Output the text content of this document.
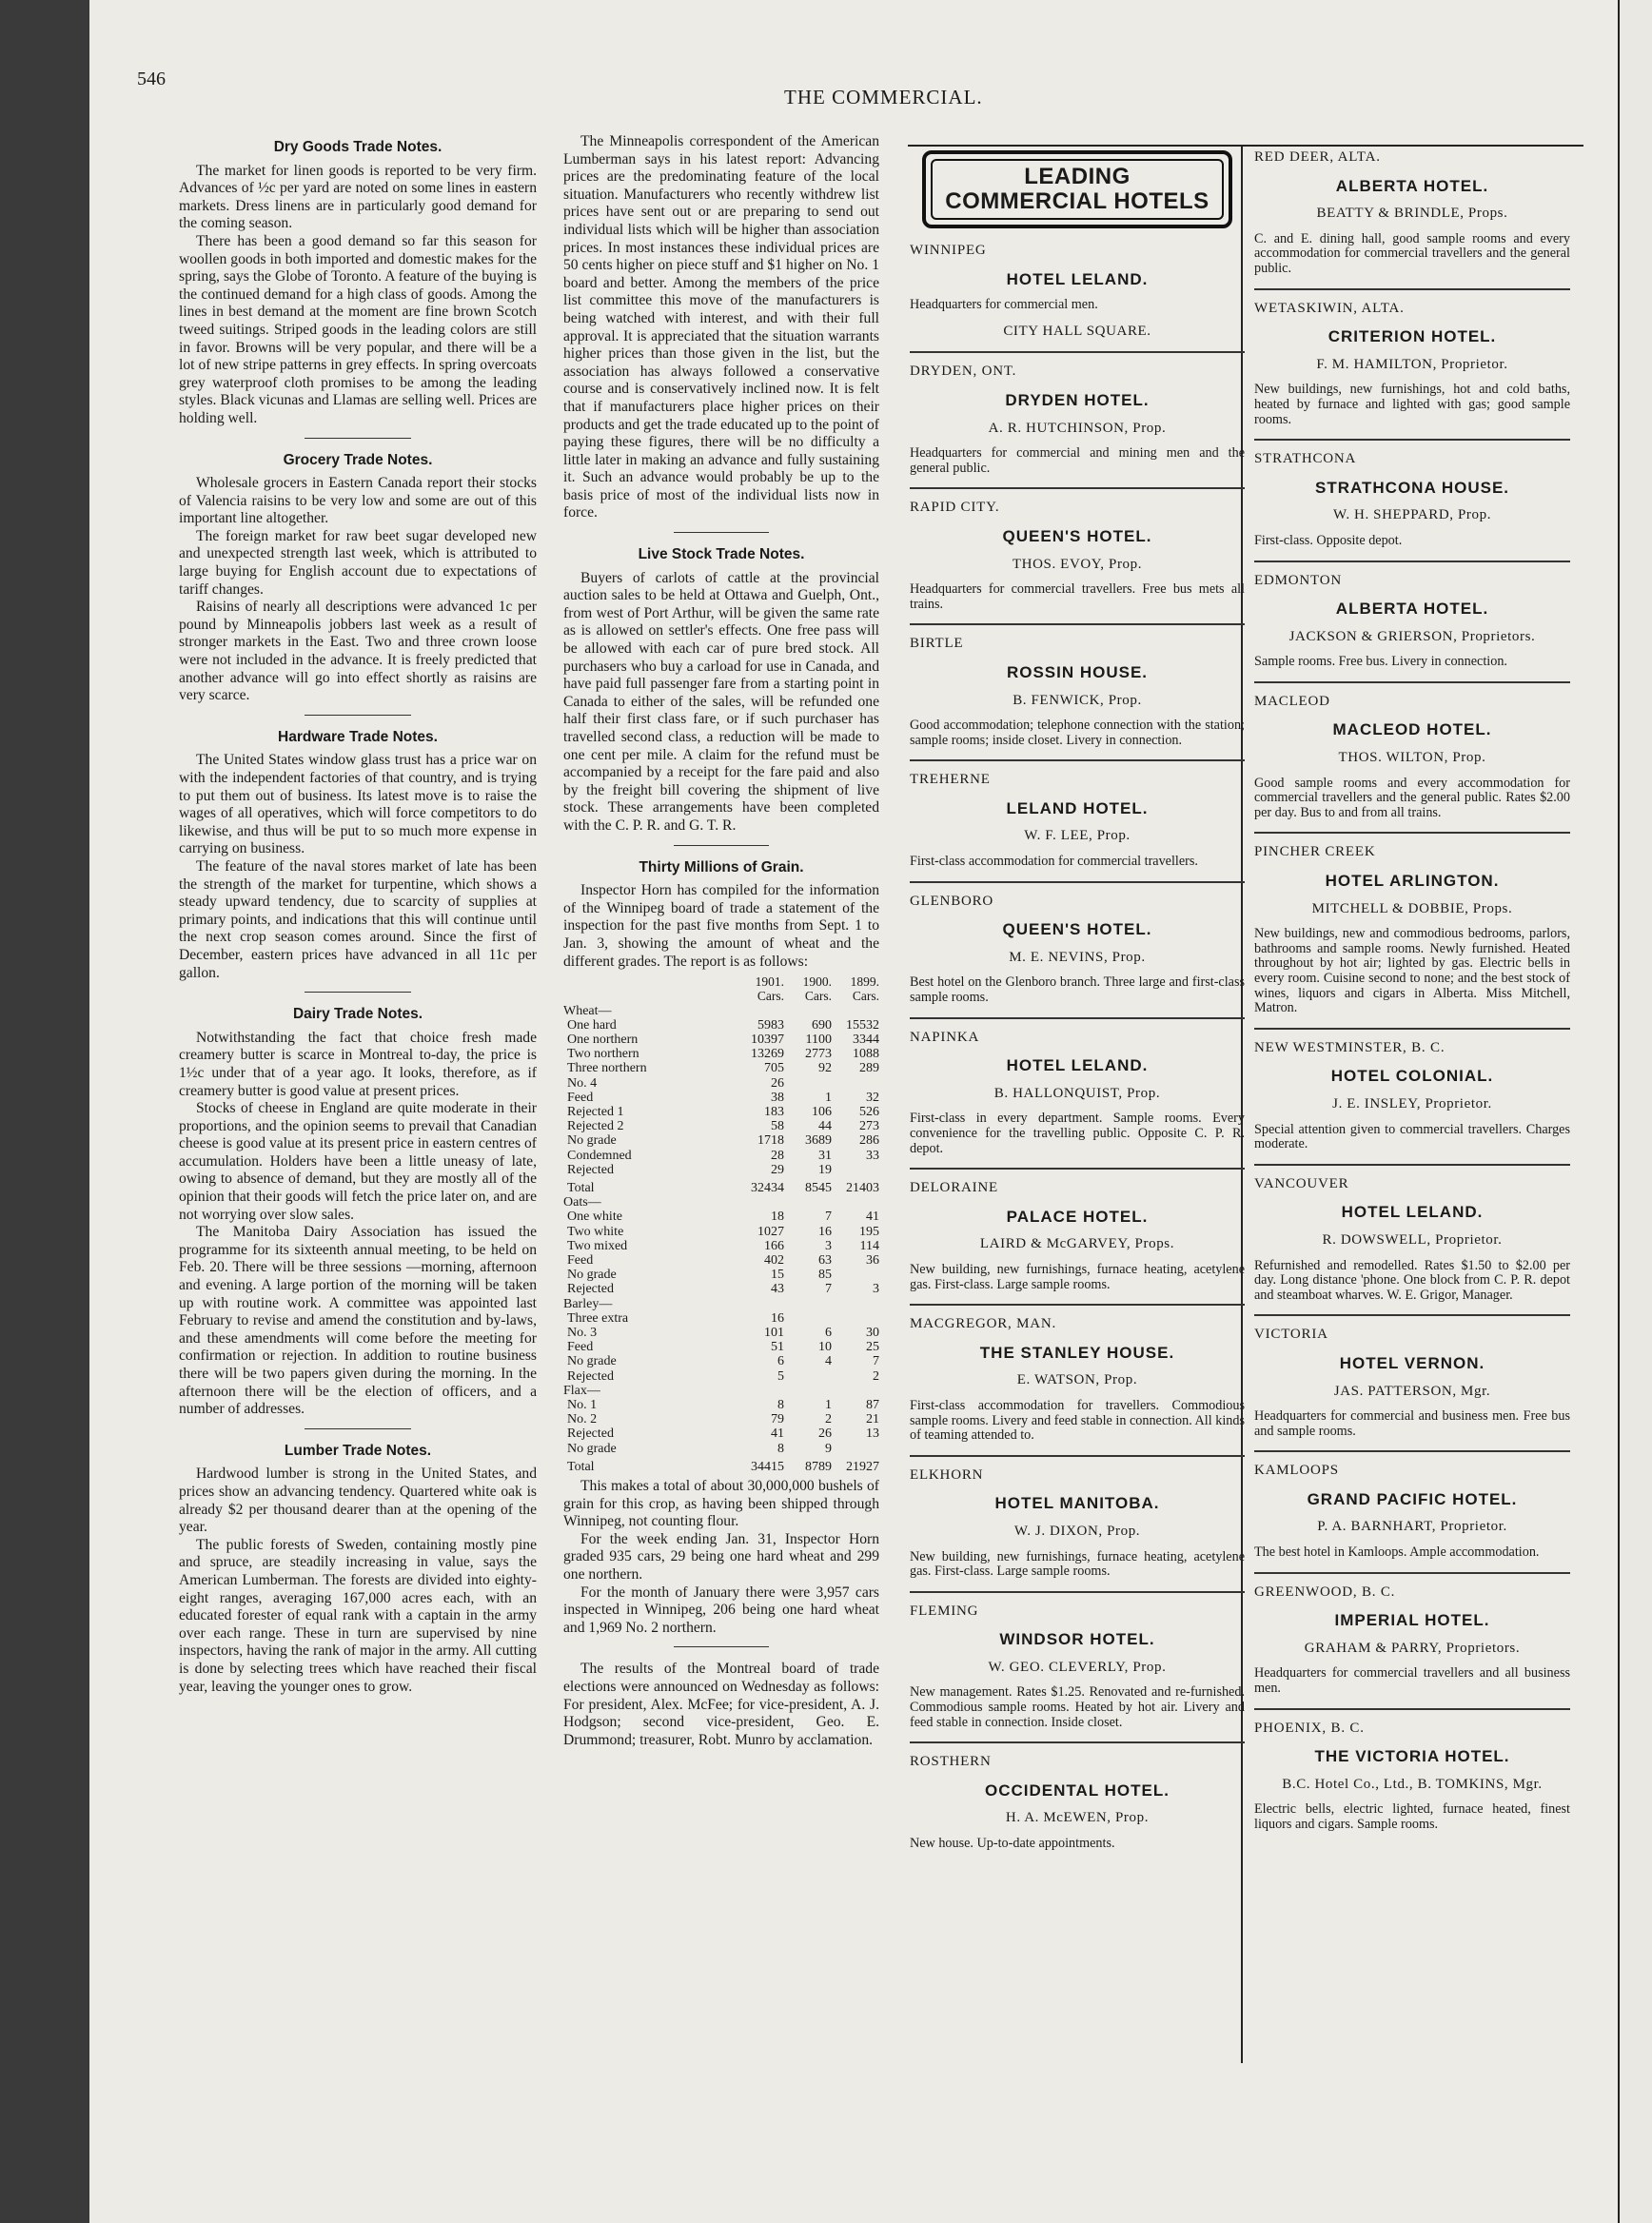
546
THE COMMERCIAL.
Dry Goods Trade Notes.

The market for linen goods is reported to be very firm. Advances of ½c per yard are noted on some lines in eastern markets. Dress linens are in particularly good demand for the coming season.

There has been a good demand so far this season for woollen goods in both imported and domestic makes for the spring, says the Globe of Toronto. A feature of the buying is the continued demand for a high class of goods. Among the lines in best demand at the moment are fine brown Scotch tweed suitings. Striped goods in the leading colors are still in favor. Browns will be very popular, and there will be a lot of new stripe patterns in grey effects. In spring overcoats grey waterproof cloth promises to be among the leading styles. Black vicunas and Llamas are selling well. Prices are holding well.

Grocery Trade Notes.

Wholesale grocers in Eastern Canada report their stocks of Valencia raisins to be very low and some are out of this important line altogether.

The foreign market for raw beet sugar developed new and unexpected strength last week, which is attributed to large buying for English account due to expectations of tariff changes.

Raisins of nearly all descriptions were advanced 1c per pound by Minneapolis jobbers last week as a result of stronger markets in the East. Two and three crown loose were not included in the advance. It is freely predicted that another advance will go into effect shortly as raisins are very scarce.

Hardware Trade Notes.

The United States window glass trust has a price war on with the independent factories of that country, and is trying to put them out of business. Its latest move is to raise the wages of all operatives, which will force competitors to do likewise, and thus will be put to so much more expense in carrying on business.

The feature of the naval stores market of late has been the strength of the market for turpentine, which shows a steady upward tendency, due to scarcity of supplies at primary points, and indications that this will continue until the next crop season comes around. Since the first of December, eastern prices have advanced in all 11c per gallon.

Dairy Trade Notes.

Notwithstanding the fact that choice fresh made creamery butter is scarce in Montreal to-day, the price is 1½c under that of a year ago. It looks, therefore, as if creamery butter is good value at present prices.

Stocks of cheese in England are quite moderate in their proportions, and the opinion seems to prevail that Canadian cheese is good value at its present price in eastern centres of accumulation. Holders have been a little uneasy of late, owing to absence of demand, but they are mostly all of the opinion that their goods will fetch the price later on, and are not worrying over slow sales.

The Manitoba Dairy Association has issued the programme for its sixteenth annual meeting, to be held on Feb. 20. There will be three sessions —morning, afternoon and evening. A large portion of the morning will be taken up with routine work. A committee was appointed last February to revise and amend the constitution and by-laws, and these amendments will come before the meeting for confirmation or rejection. In addition to routine business there will be two papers given during the morning. In the afternoon there will be the election of officers, and a number of addresses.

Lumber Trade Notes.

Hardwood lumber is strong in the United States, and prices show an advancing tendency. Quartered white oak is already $2 per thousand dearer than at the opening of the year.

The public forests of Sweden, containing mostly pine and spruce, are steadily increasing in value, says the American Lumberman. The forests are divided into eighty-eight ranges, averaging 167,000 acres each, with an educated forester of equal rank with a captain in the army over each range. These in turn are supervised by nine inspectors, having the rank of major in the army. All cutting is done by selecting trees which have reached their fiscal year, leaving the younger ones to grow.

The Minneapolis correspondent of the American Lumberman says in his latest report: Advancing prices are the predominating feature of the local situation. Manufacturers who recently withdrew list prices have sent out or are preparing to send out individual lists which will be higher than association prices. In most instances these individual prices are 50 cents higher on piece stuff and $1 higher on No. 1 board and better. Among the members of the price list committee this move of the manufacturers is being watched with interest, and with their full approval. It is appreciated that the situation warrants higher prices than those given in the list, but the association has always followed a conservative course and is conservatively inclined now. It is felt that if manufacturers place higher prices on their products and get the trade educated up to the point of paying these figures, there will be no difficulty a little later in making an advance and fully sustaining it. Such an advance would probably be up to the basis price of most of the individual lists now in force.

Live Stock Trade Notes.

Buyers of carlots of cattle at the provincial auction sales to be held at Ottawa and Guelph, Ont., from west of Port Arthur, will be given the same rate as is allowed on settler's effects. One free pass will be allowed with each car of pure bred stock. All purchasers who buy a carload for use in Canada, and have paid full passenger fare from a starting point in Canada to either of the sales, will be refunded one half their first class fare, or if such purchaser has travelled second class, a reduction will be made to one cent per mile. A claim for the refund must be accompanied by a receipt for the fare paid and also by the freight bill covering the shipment of live stock. These arrangements have been completed with the C. P. R. and G. T. R.

Thirty Millions of Grain.

Inspector Horn has compiled for the information of the Winnipeg board of trade a statement of the inspection for the past five months from Sept. 1 to Jan. 3, showing the amount of wheat and the different grades. The report is as follows:

	1901. Cars.	1900. Cars.	1899. Cars.
Wheat—			
One hard	5983	690	15532
One northern	10397	1100	3344
Two northern	13269	2773	1088
Three northern	705	92	289
No. 4	26		
Feed	38	1	32
Rejected 1	183	106	526
Rejected 2	58	44	273
No grade	1718	3689	286
Condemned	28	31	33
Rejected	29	19	
Total	32434	8545	21403
Oats—			
One white	18	7	41
Two white	1027	16	195
Two mixed	166	3	114
Feed	402	63	36
No grade	15	85	
Rejected	43	7	3
Barley—			
Three extra	16		
No. 3	101	6	30
Feed	51	10	25
No grade	6	4	7
Rejected	5		2
Flax—			
No. 1	8	1	87
No. 2	79	2	21
Rejected	41	26	13
No grade	8	9	
Total	34415	8789	21927

This makes a total of about 30,000,000 bushels of grain for this crop, as having been shipped through Winnipeg, not counting flour.

For the week ending Jan. 31, Inspector Horn graded 935 cars, 29 being one hard wheat and 299 one northern.

For the month of January there were 3,957 cars inspected in Winnipeg, 206 being one hard wheat and 1,969 No. 2 northern.

The results of the Montreal board of trade elections were announced on Wednesday as follows: For president, Alex. McFee; for vice-president, A. J. Hodgson; second vice-president, Geo. E. Drummond; treasurer, Robt. Munro by acclamation.

LEADING
COMMERCIAL HOTELS
WINNIPEG
HOTEL LELAND.
Headquarters for commercial men.
CITY HALL SQUARE.
DRYDEN, ONT.
DRYDEN HOTEL.
A. R. HUTCHINSON, Prop.
Headquarters for commercial and mining men and the general public.
RAPID CITY.
QUEEN'S HOTEL.
THOS. EVOY, Prop.
Headquarters for commercial travellers. Free bus mets all trains.
BIRTLE
ROSSIN HOUSE.
B. FENWICK, Prop.
Good accommodation; telephone connection with the station; sample rooms; inside closet. Livery in connection.
TREHERNE
LELAND HOTEL.
W. F. LEE, Prop.
First-class accommodation for commercial travellers.
GLENBORO
QUEEN'S HOTEL.
M. E. NEVINS, Prop.
Best hotel on the Glenboro branch. Three large and first-class sample rooms.
NAPINKA
HOTEL LELAND.
B. HALLONQUIST, Prop.
First-class in every department. Sample rooms. Every convenience for the travelling public. Opposite C. P. R. depot.
DELORAINE
PALACE HOTEL.
LAIRD & McGARVEY, Props.
New building, new furnishings, furnace heating, acetylene gas. First-class. Large sample rooms.
MACGREGOR, MAN.
THE STANLEY HOUSE.
E. WATSON, Prop.
First-class accommodation for travellers. Commodious sample rooms. Livery and feed stable in connection. All kinds of teaming attended to.
ELKHORN
HOTEL MANITOBA.
W. J. DIXON, Prop.
New building, new furnishings, furnace heating, acetylene gas. First-class. Large sample rooms.
FLEMING
WINDSOR HOTEL.
W. GEO. CLEVERLY, Prop.
New management. Rates $1.25. Renovated and re-furnished. Commodious sample rooms. Heated by hot air. Livery and feed stable in connection. Inside closet.
ROSTHERN
OCCIDENTAL HOTEL.
H. A. McEWEN, Prop.
New house. Up-to-date appointments.
RED DEER, ALTA.
ALBERTA HOTEL.
BEATTY & BRINDLE, Props.
C. and E. dining hall, good sample rooms and every accommodation for commercial travellers and the general public.
WETASKIWIN, ALTA.
CRITERION HOTEL.
F. M. HAMILTON, Proprietor.
New buildings, new furnishings, hot and cold baths, heated by furnace and lighted with gas; good sample rooms.
STRATHCONA
STRATHCONA HOUSE.
W. H. SHEPPARD, Prop.
First-class. Opposite depot.
EDMONTON
ALBERTA HOTEL.
JACKSON & GRIERSON, Proprietors.
Sample rooms. Free bus. Livery in connection.
MACLEOD
MACLEOD HOTEL.
THOS. WILTON, Prop.
Good sample rooms and every accommodation for commercial travellers and the general public. Rates $2.00 per day. Bus to and from all trains.
PINCHER CREEK
HOTEL ARLINGTON.
MITCHELL & DOBBIE, Props.
New buildings, new and commodious bedrooms, parlors, bathrooms and sample rooms. Newly furnished. Heated throughout by hot air; lighted by gas. Electric bells in every room. Cuisine second to none; and the best stock of wines, liquors and cigars in Alberta. Miss Mitchell, Matron.
NEW WESTMINSTER, B. C.
HOTEL COLONIAL.
J. E. INSLEY, Proprietor.
Special attention given to commercial travellers. Charges moderate.
VANCOUVER
HOTEL LELAND.
R. DOWSWELL, Proprietor.
Refurnished and remodelled. Rates $1.50 to $2.00 per day. Long distance 'phone. One block from C. P. R. depot and steamboat wharves. W. E. Grigor, Manager.
VICTORIA
HOTEL VERNON.
JAS. PATTERSON, Mgr.
Headquarters for commercial and business men. Free bus and sample rooms.
KAMLOOPS
GRAND PACIFIC HOTEL.
P. A. BARNHART, Proprietor.
The best hotel in Kamloops. Ample accommodation.
GREENWOOD, B. C.
IMPERIAL HOTEL.
GRAHAM & PARRY, Proprietors.
Headquarters for commercial travellers and all business men.
PHOENIX, B. C.
THE VICTORIA HOTEL.
B.C. Hotel Co., Ltd., B. TOMKINS, Mgr.
Electric bells, electric lighted, furnace heated, finest liquors and cigars. Sample rooms.
